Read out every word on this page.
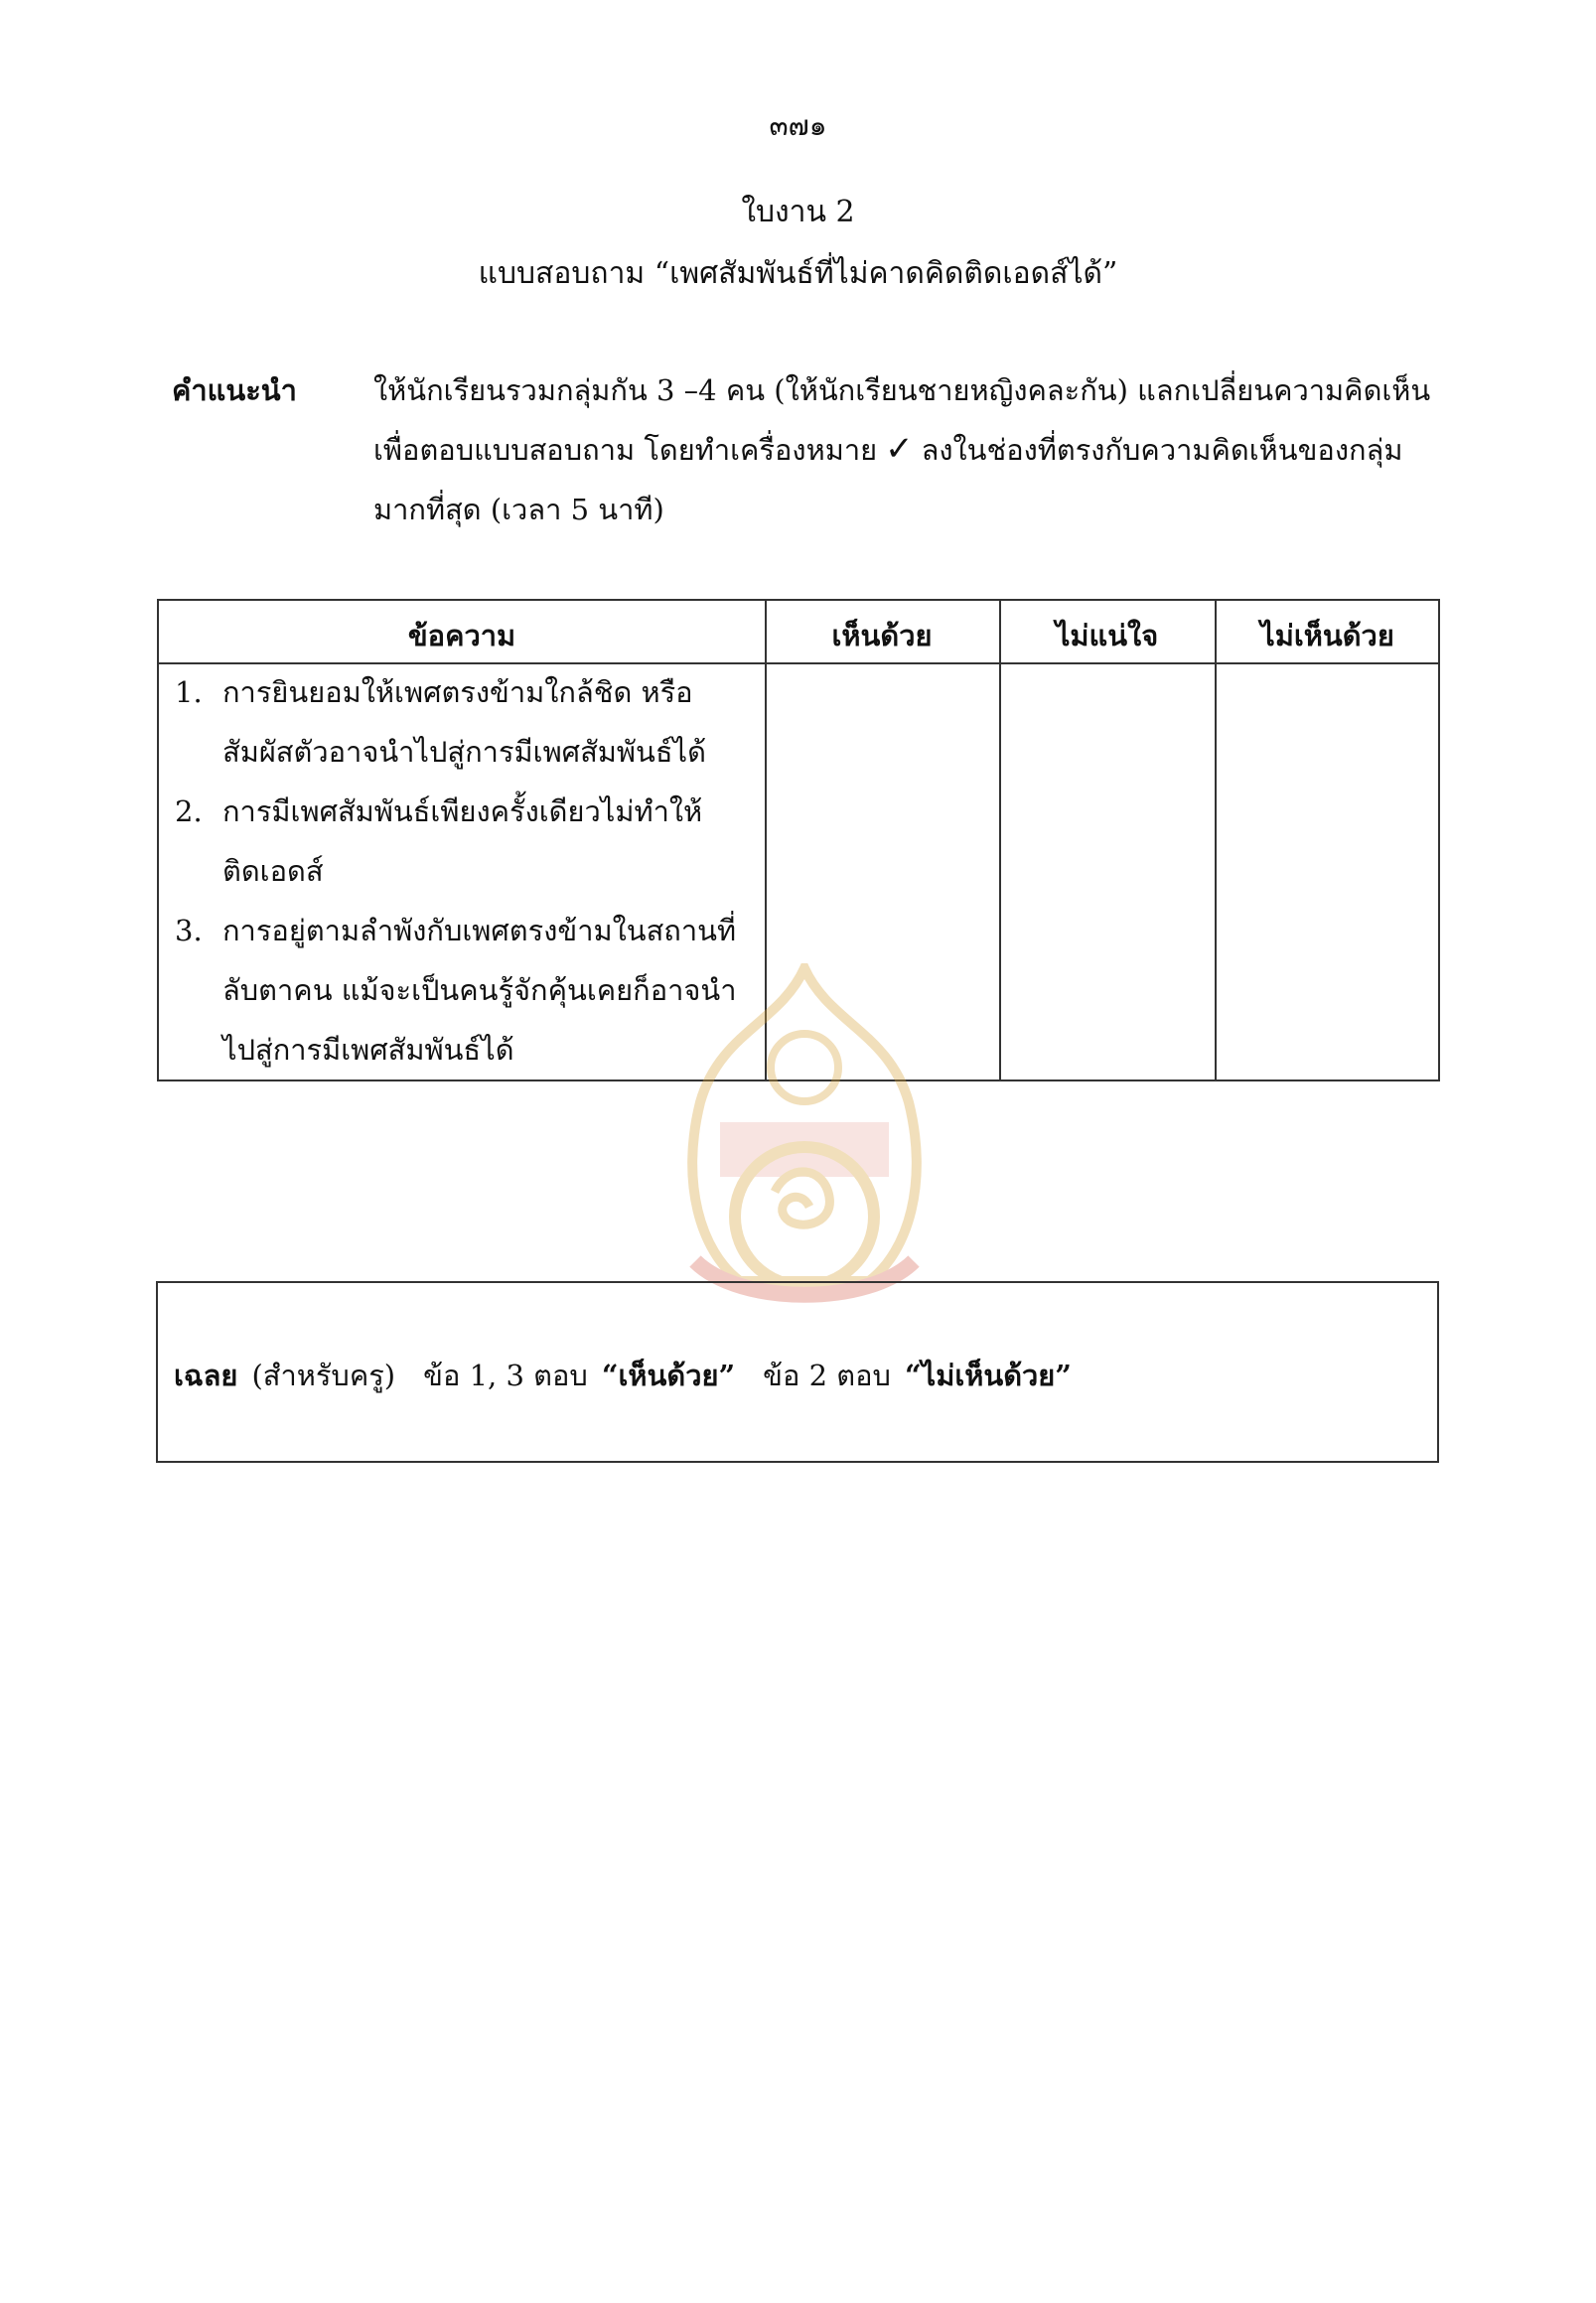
๓๗๑
ใบงาน 2
แบบสอบถาม “เพศสัมพันธ์ที่ไม่คาดคิดติดเอดส์ได้”
คำแนะนำ	ให้นักเรียนรวมกลุ่มกัน 3 –4 คน (ให้นักเรียนชายหญิงคละกัน) แลกเปลี่ยนความคิดเห็น
เพื่อตอบแบบสอบถาม โดยทำเครื่องหมาย ✓ ลงในช่องที่ตรงกับความคิดเห็นของกลุ่ม
มากที่สุด (เวลา 5 นาที)
ข้อความ	เห็นด้วย	ไม่แน่ใจ	ไม่เห็นด้วย
1. การยินยอมให้เพศตรงข้ามใกล้ชิด หรือ
สัมผัสตัวอาจนำไปสู่การมีเพศสัมพันธ์ได้
2. การมีเพศสัมพันธ์เพียงครั้งเดียวไม่ทำให้
ติดเอดส์
3. การอยู่ตามลำพังกับเพศตรงข้ามในสถานที่
ลับตาคน แม้จะเป็นคนรู้จักคุ้นเคยก็อาจนำ
ไปสู่การมีเพศสัมพันธ์ได้
เฉลย (สำหรับครู) ข้อ 1, 3 ตอบ “เห็นด้วย” ข้อ 2 ตอบ “ไม่เห็นด้วย”
